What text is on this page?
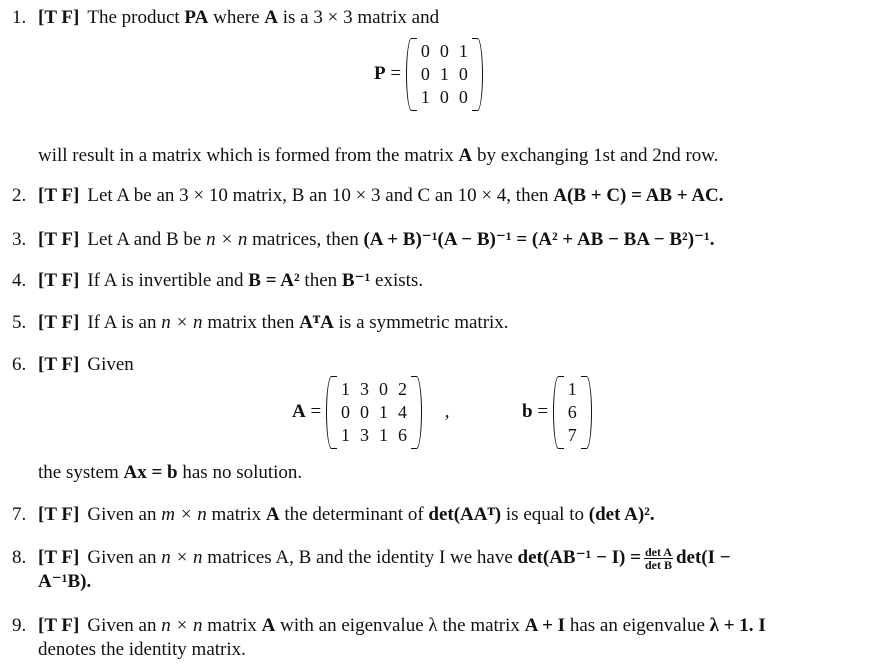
1. [T F] The product PA where A is a 3 × 3 matrix and
P =
0	0	1
0	1	0
1	0	0
will result in a matrix which is formed from the matrix A by exchanging 1st and 2nd row.
2. [T F] Let A be an 3 × 10 matrix, B an 10 × 3 and C an 10 × 4, then A(B + C) = AB + AC.
3. [T F] Let A and B be n × n matrices, then (A + B)⁻¹(A − B)⁻¹ = (A² + AB − BA − B²)⁻¹.
4. [T F] If A is invertible and B = A² then B⁻¹ exists.
5. [T F] If A is an n × n matrix then AᵀA is a symmetric matrix.
6. [T F] Given
A =
1	3	0	2
0	0	1	4
1	3	1	6
,	b =
1
6
7
the system Ax = b has no solution.
7. [T F] Given an m × n matrix A the determinant of det(AAᵀ) is equal to (det A)².
8. [T F] Given an n × n matrices A, B and the identity I we have $\det(AB^{-1} - I) = \frac{\text{det A}}{\text{det B}} \det(I$ −
A⁻¹B).
9. [T F] Given an n × n matrix A with an eigenvalue λ the matrix A + I has an eigenvalue λ + 1. I
denotes the identity matrix.
